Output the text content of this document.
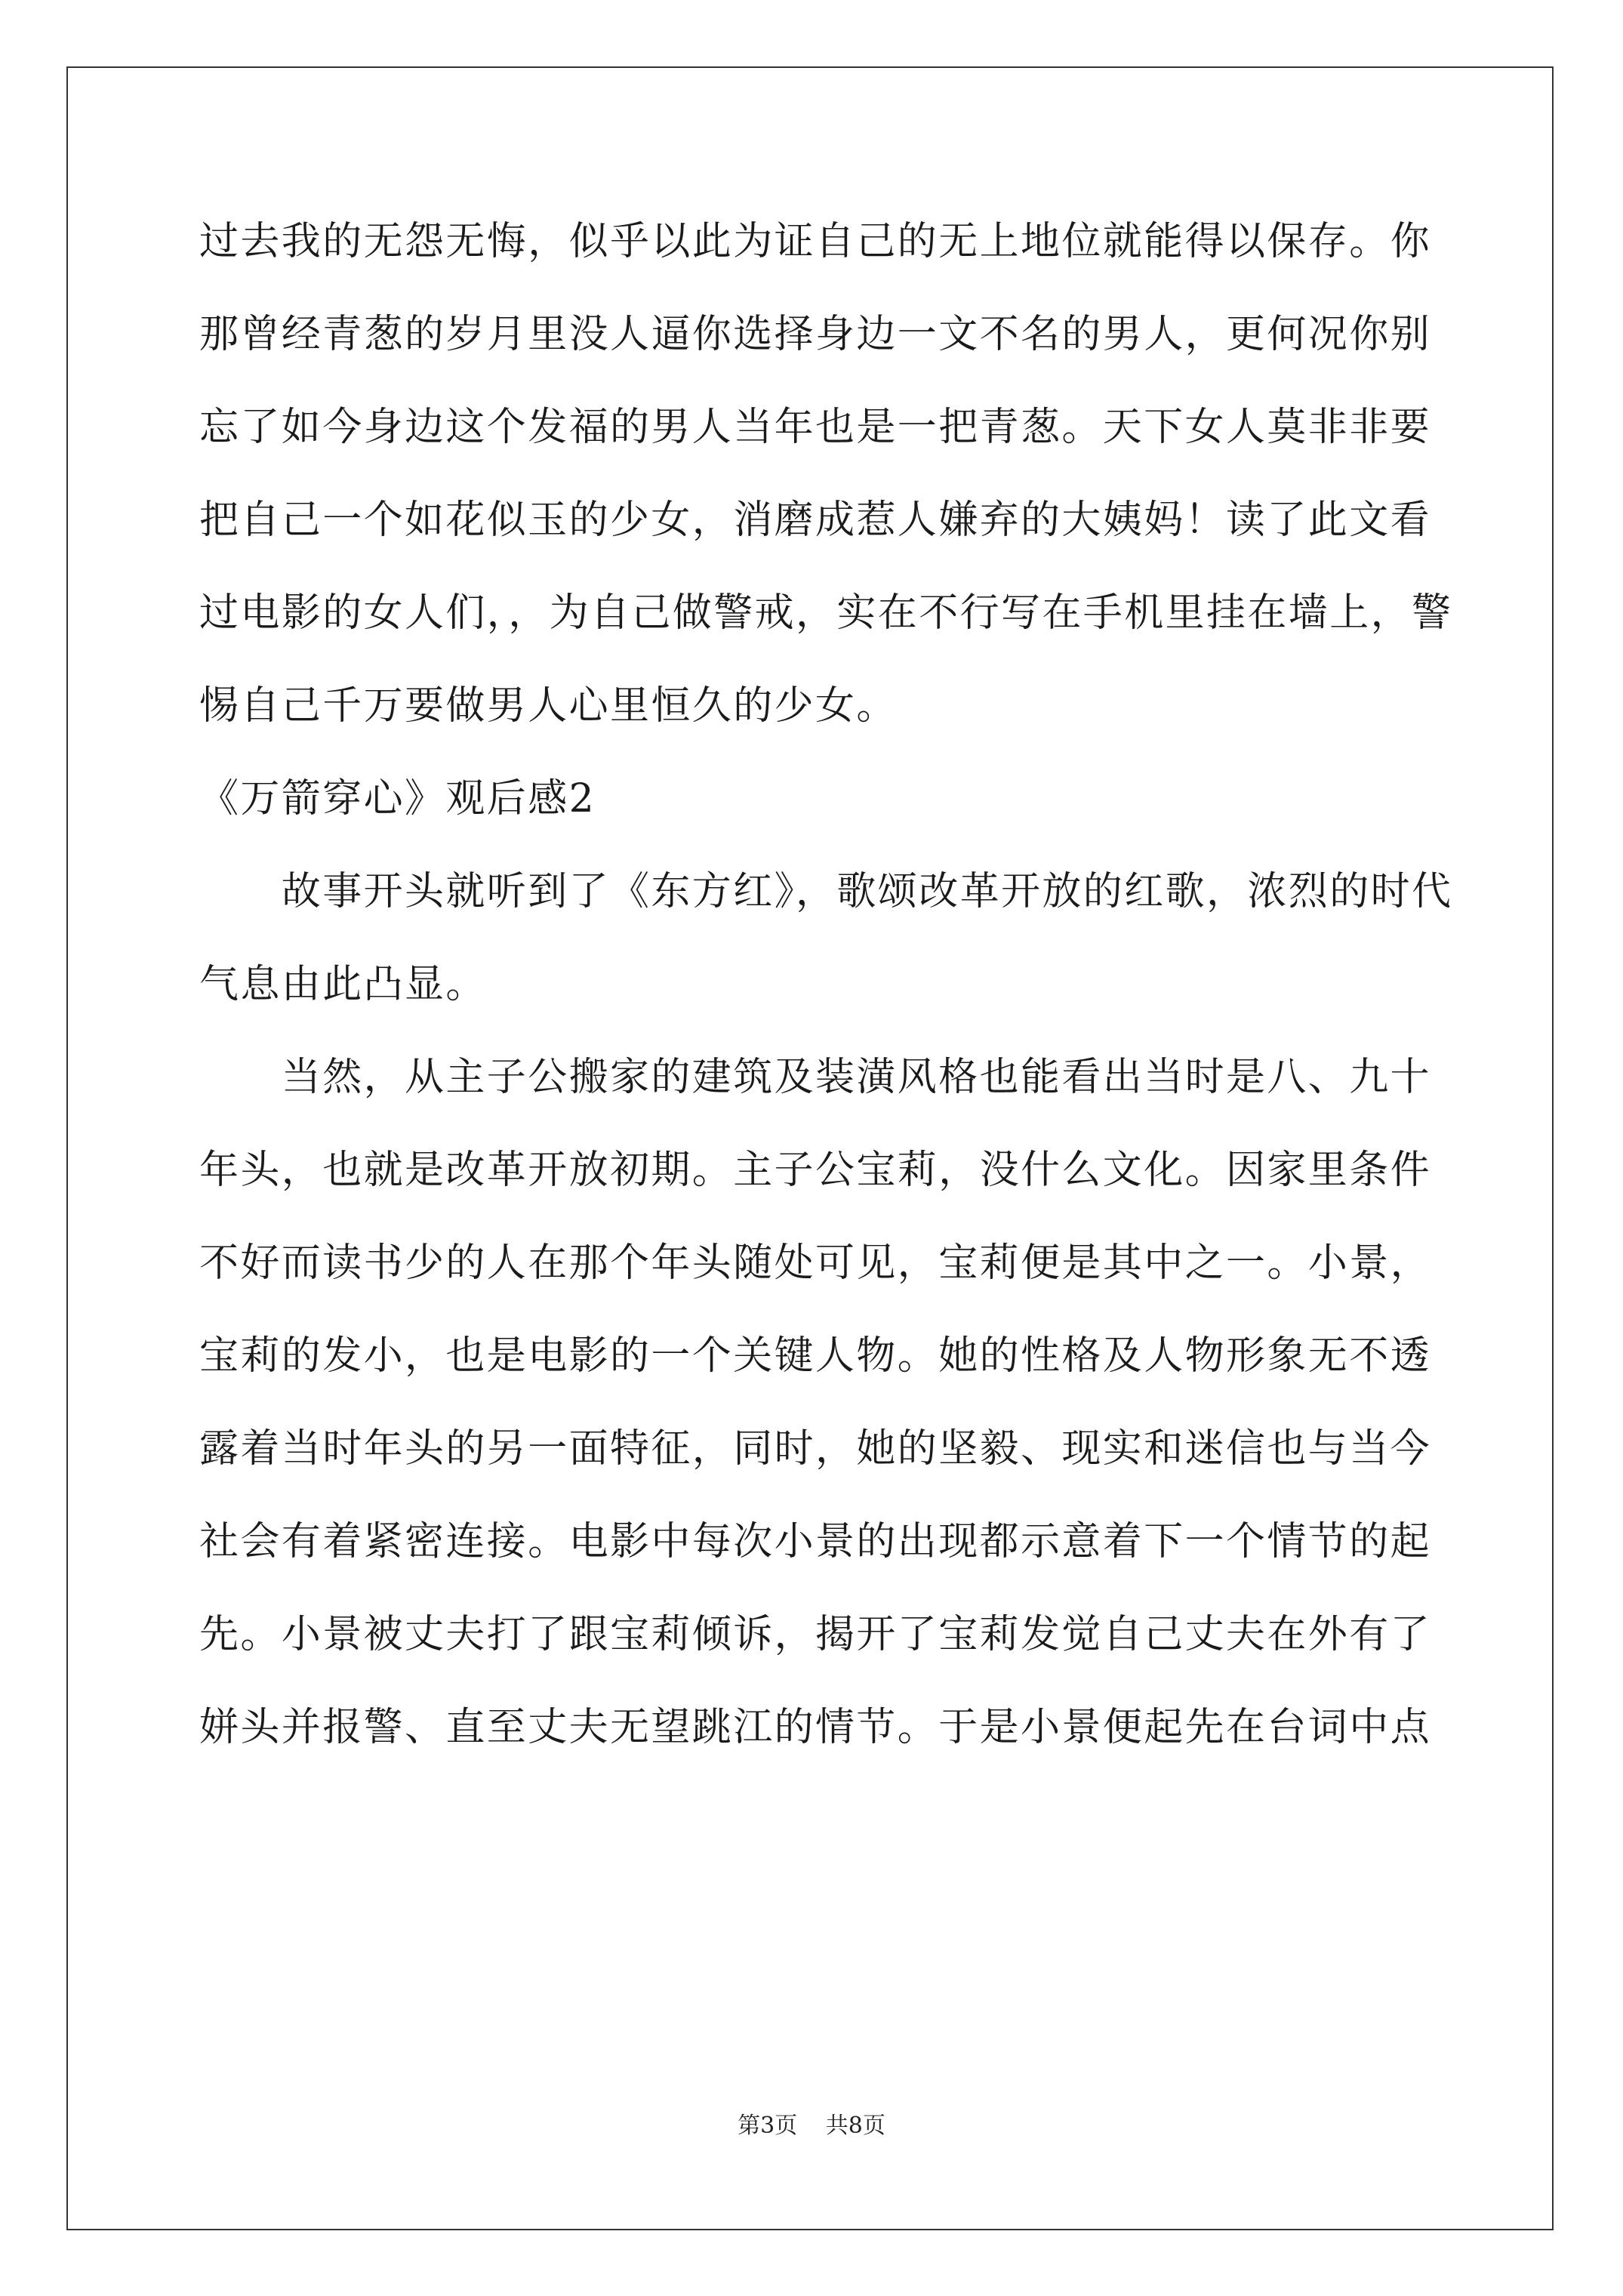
过去我的无怨无悔，似乎以此为证自己的无上地位就能得以保存。你
那曾经青葱的岁月里没人逼你选择身边一文不名的男人，更何况你别
忘了如今身边这个发福的男人当年也是一把青葱。天下女人莫非非要
把自己一个如花似玉的少女，消磨成惹人嫌弃的大姨妈！读了此文看
过电影的女人们，，为自己做警戒，实在不行写在手机里挂在墙上，警
惕自己千万要做男人心里恒久的少女。
《万箭穿心》观后感2
　　故事开头就听到了《东方红》，歌颂改革开放的红歌，浓烈的时代
气息由此凸显。
　　当然，从主子公搬家的建筑及装潢风格也能看出当时是八、九十
年头，也就是改革开放初期。主子公宝莉，没什么文化。因家里条件
不好而读书少的人在那个年头随处可见，宝莉便是其中之一。小景，
宝莉的发小，也是电影的一个关键人物。她的性格及人物形象无不透
露着当时年头的另一面特征，同时，她的坚毅、现实和迷信也与当今
社会有着紧密连接。电影中每次小景的出现都示意着下一个情节的起
先。小景被丈夫打了跟宝莉倾诉，揭开了宝莉发觉自己丈夫在外有了
姘头并报警、直至丈夫无望跳江的情节。于是小景便起先在台词中点
第3页 共8页
